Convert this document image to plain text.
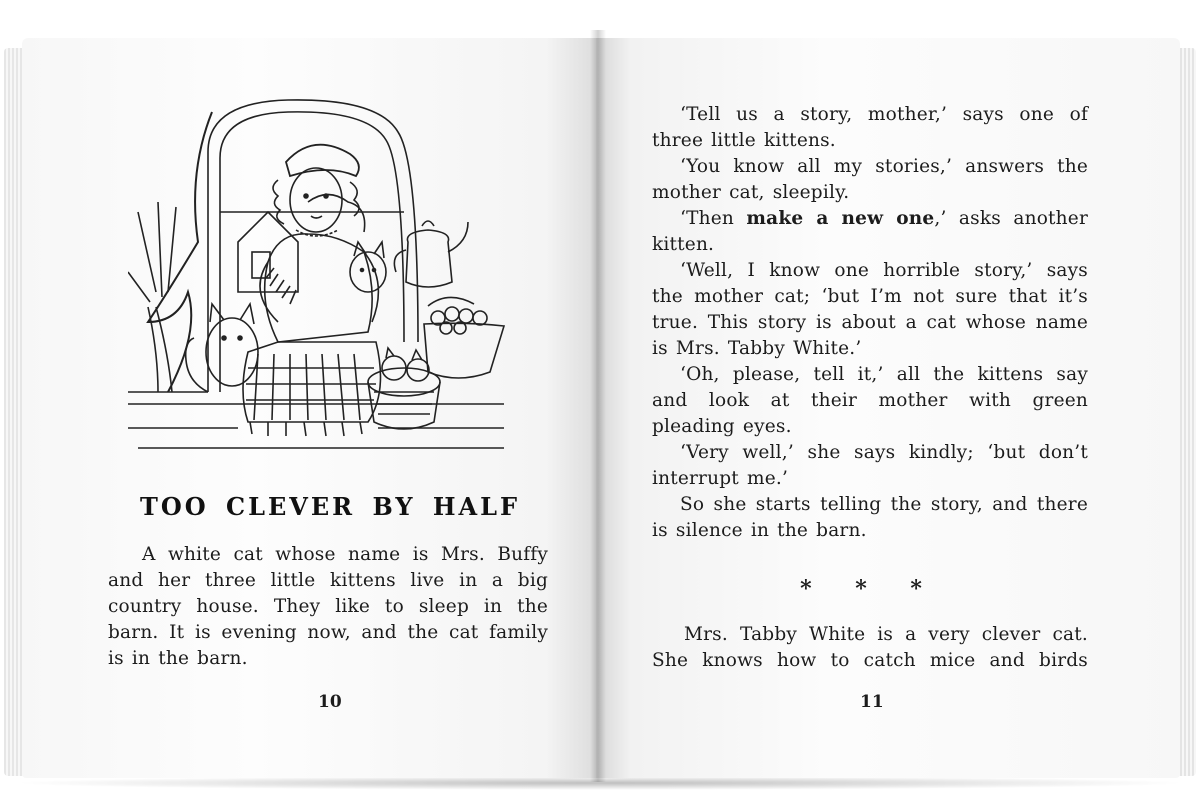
TOO CLEVER BY HALF

A white cat whose name is Mrs. Buffy and her three little kittens live in a big country house. They like to sleep in the barn. It is evening now, and the cat family is in the barn.

10

‘Tell us a story, mother,’ says one of three little kittens.

‘You know all my stories,’ answers the mother cat, sleepily.

‘Then make a new one,’ asks another kitten.

‘Well, I know one horrible story,’ says the mother cat; ‘but I’m not sure that it’s true. This story is about a cat whose name is Mrs. Tabby White.’

‘Oh, please, tell it,’ all the kittens say and look at their mother with green pleading eyes.

‘Very well,’ she says kindly; ‘but don’t interrupt me.’

So she starts telling the story, and there is silence in the barn.

* * *

Mrs. Tabby White is a very clever cat. She knows how to catch mice and birds

11
